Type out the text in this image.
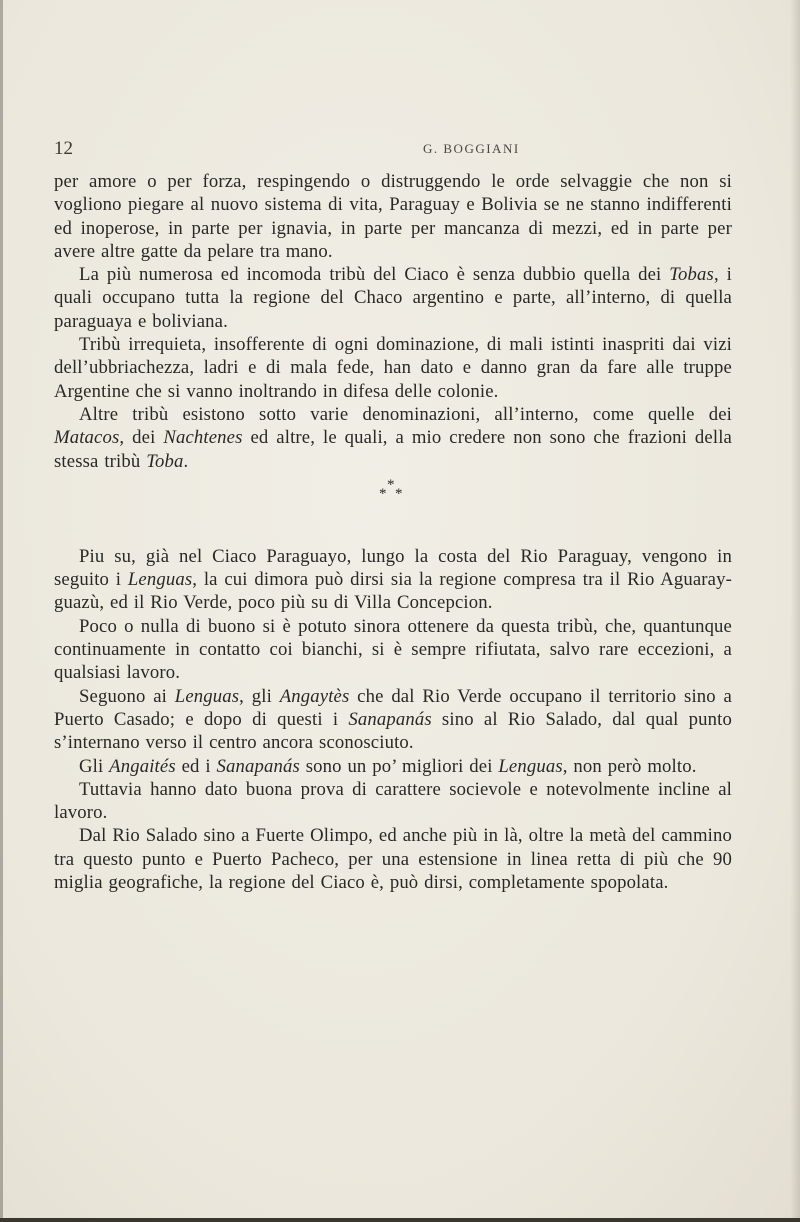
12	G. BOGGIANI

per amore o per forza, respingendo o distruggendo le orde selvaggie che non si vogliono piegare al nuovo sistema di vita, Paraguay e Bolivia se ne stanno indifferenti ed inoperose, in parte per ignavia, in parte per mancanza di mezzi, ed in parte per avere altre gatte da pelare tra mano.

La più numerosa ed incomoda tribù del Ciaco è senza dubbio quella dei Tobas, i quali occupano tutta la regione del Chaco argentino e parte, all’interno, di quella paraguaya e boliviana.

Tribù irrequieta, insofferente di ogni dominazione, di mali istinti inaspriti dai vizi dell’ubbriachezza, ladri e di mala fede, han dato e danno gran da fare alle truppe Argentine che si vanno inoltrando in difesa delle colonie.

Altre tribù esistono sotto varie denominazioni, all’interno, come quelle dei Matacos, dei Nachtenes ed altre, le quali, a mio credere non sono che frazioni della stessa tribù Toba.

*
* *

Piu su, già nel Ciaco Paraguayo, lungo la costa del Rio Paraguay, vengono in seguito i Lenguas, la cui dimora può dirsi sia la regione compresa tra il Rio Aguaray-guazù, ed il Rio Verde, poco più su di Villa Concepcion.

Poco o nulla di buono si è potuto sinora ottenere da questa tribù, che, quantunque continuamente in contatto coi bianchi, si è sempre rifiutata, salvo rare eccezioni, a qualsiasi lavoro.

Seguono ai Lenguas, gli Angaytès che dal Rio Verde occupano il territorio sino a Puerto Casado; e dopo di questi i Sanapanás sino al Rio Salado, dal qual punto s’internano verso il centro ancora sconosciuto.

Gli Angaités ed i Sanapanás sono un po’ migliori dei Lenguas, non però molto.

Tuttavia hanno dato buona prova di carattere socievole e notevolmente incline al lavoro.

Dal Rio Salado sino a Fuerte Olimpo, ed anche più in là, oltre la metà del cammino tra questo punto e Puerto Pacheco, per una estensione in linea retta di più che 90 miglia geografiche, la regione del Ciaco è, può dirsi, completamente spopolata.
